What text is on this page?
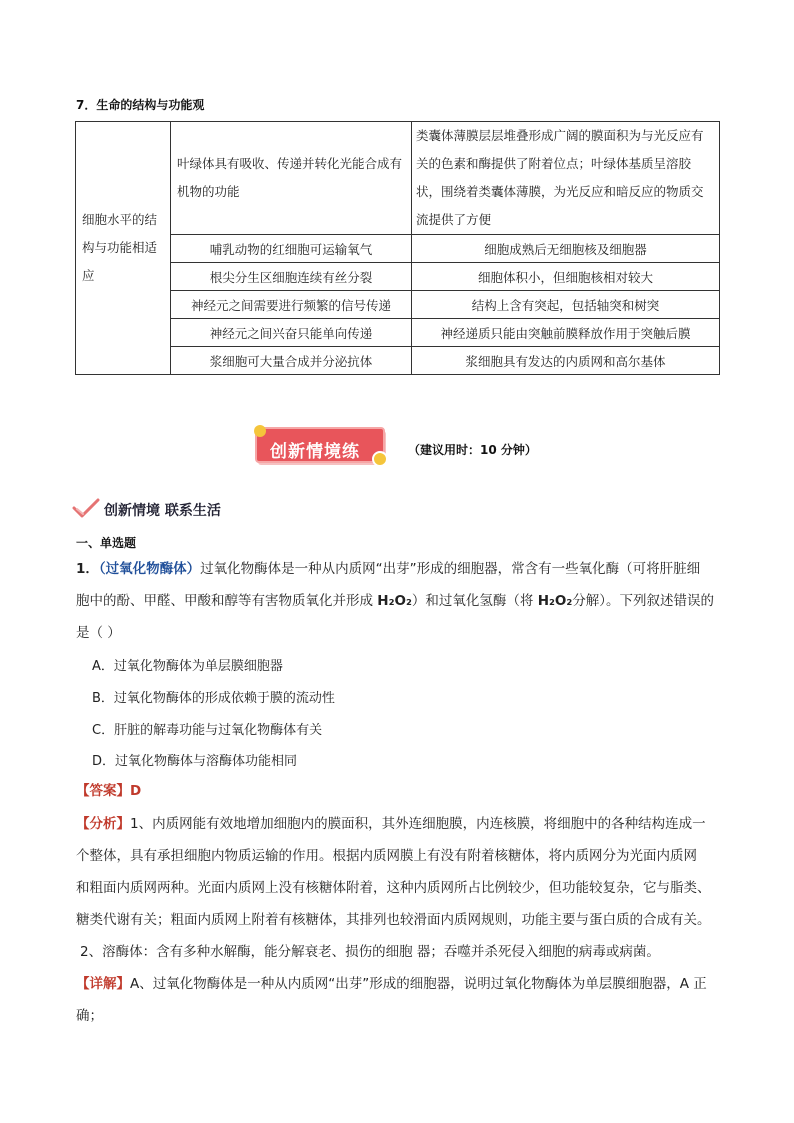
7．生命的结构与功能观
细胞水平的结构与功能相适应	叶绿体具有吸收、传递并转化光能合成有机物的功能	类囊体薄膜层层堆叠形成广阔的膜面积为与光反应有关的色素和酶提供了附着位点；叶绿体基质呈溶胶状，围绕着类囊体薄膜，为光反应和暗反应的物质交流提供了方便
	哺乳动物的红细胞可运输氧气	细胞成熟后无细胞核及细胞器
	根尖分生区细胞连续有丝分裂	细胞体积小，但细胞核相对较大
	神经元之间需要进行频繁的信号传递	结构上含有突起，包括轴突和树突
	神经元之间兴奋只能单向传递	神经递质只能由突触前膜释放作用于突触后膜
	浆细胞可大量合成并分泌抗体	浆细胞具有发达的内质网和高尔基体
创新情境练	（建议用时：10 分钟）
创新情境 联系生活
一、单选题
1．（过氧化物酶体）过氧化物酶体是一种从内质网“出芽”形成的细胞器，常含有一些氧化酶（可将肝脏细
胞中的酚、甲醛、甲酸和醇等有害物质氧化并形成 H₂O₂）和过氧化氢酶（将 H₂O₂分解）。下列叙述错误的
是（ ）
A．过氧化物酶体为单层膜细胞器
B．过氧化物酶体的形成依赖于膜的流动性
C．肝脏的解毒功能与过氧化物酶体有关
D．过氧化物酶体与溶酶体功能相同
【答案】D
【分析】1、内质网能有效地增加细胞内的膜面积，其外连细胞膜，内连核膜，将细胞中的各种结构连成一
个整体，具有承担细胞内物质运输的作用。根据内质网膜上有没有附着核糖体，将内质网分为光面内质网
和粗面内质网两种。光面内质网上没有核糖体附着，这种内质网所占比例较少，但功能较复杂，它与脂类、
糖类代谢有关；粗面内质网上附着有核糖体，其排列也较滑面内质网规则，功能主要与蛋白质的合成有关。
2、溶酶体：含有多种水解酶，能分解衰老、损伤的细胞 器；吞噬并杀死侵入细胞的病毒或病菌。
【详解】A、过氧化物酶体是一种从内质网“出芽”形成的细胞器，说明过氧化物酶体为单层膜细胞器，A 正
确；
